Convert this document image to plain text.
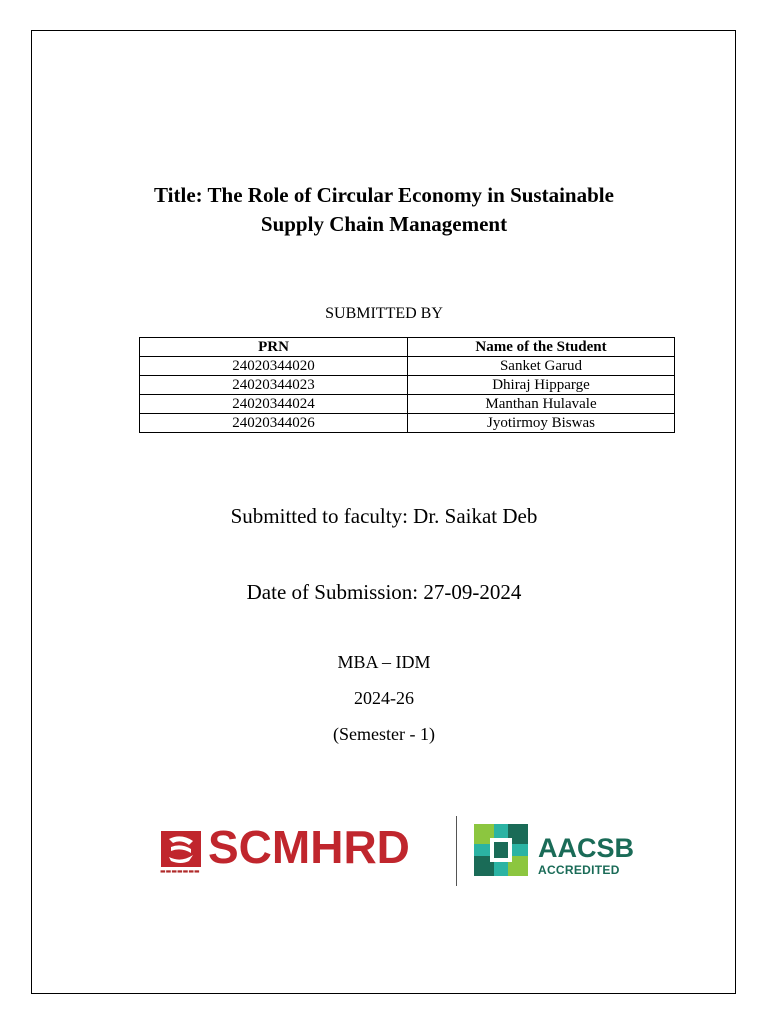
Title: The Role of Circular Economy in Sustainable
Supply Chain Management
SUBMITTED BY
PRN	Name of the Student
24020344020	Sanket Garud
24020344023	Dhiraj Hipparge
24020344024	Manthan Hulavale
24020344026	Jyotirmoy Biswas
Submitted to faculty: Dr. Saikat Deb
Date of Submission: 27-09-2024
MBA – IDM
2024-26
(Semester - 1)
▬▬▬▬▬▬▬ SCMHRD	AACSB
ACCREDITED
